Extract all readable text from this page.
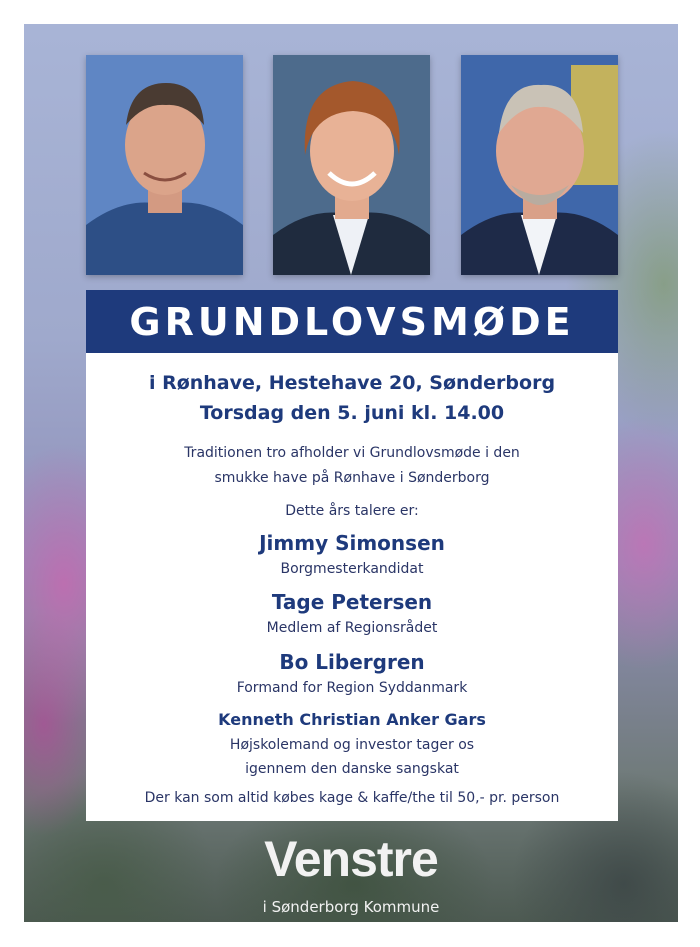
GRUNDLOVSMØDE
i Rønhave, Hestehave 20, Sønderborg
Torsdag den 5. juni kl. 14.00
Traditionen tro afholder vi Grundlovsmøde i den
smukke have på Rønhave i Sønderborg
Dette års talere er:
Jimmy Simonsen
Borgmesterkandidat
Tage Petersen
Medlem af Regionsrådet
Bo Libergren
Formand for Region Syddanmark
Kenneth Christian Anker Gars
Højskolemand og investor tager os
igennem den danske sangskat
Der kan som altid købes kage & kaffe/the til 50,- pr. person
Venstre
i Sønderborg Kommune
